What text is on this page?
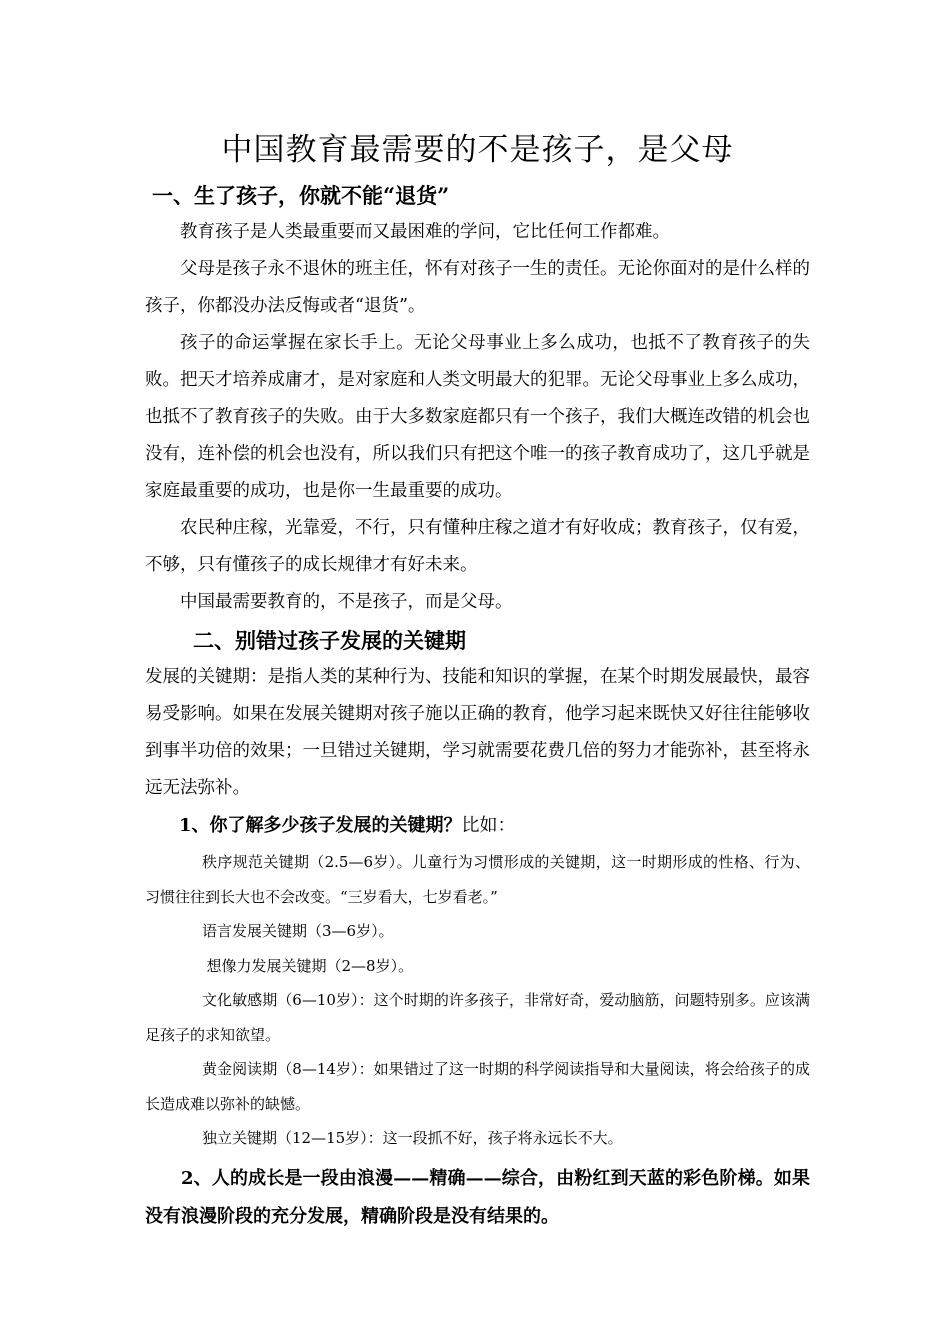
中国教育最需要的不是孩子，是父母
一、生了孩子，你就不能“退货”

教育孩子是人类最重要而又最困难的学问，它比任何工作都难。

父母是孩子永不退休的班主任，怀有对孩子一生的责任。无论你面对的是什么样的孩子，你都没办法反悔或者“退货”。

孩子的命运掌握在家长手上。无论父母事业上多么成功，也抵不了教育孩子的失败。把天才培养成庸才，是对家庭和人类文明最大的犯罪。无论父母事业上多么成功，也抵不了教育孩子的失败。由于大多数家庭都只有一个孩子，我们大概连改错的机会也没有，连补偿的机会也没有，所以我们只有把这个唯一的孩子教育成功了，这几乎就是家庭最重要的成功，也是你一生最重要的成功。

农民种庄稼，光靠爱，不行，只有懂种庄稼之道才有好收成；教育孩子，仅有爱，不够，只有懂孩子的成长规律才有好未来。

中国最需要教育的，不是孩子，而是父母。

二、别错过孩子发展的关键期

发展的关键期：是指人类的某种行为、技能和知识的掌握，在某个时期发展最快，最容易受影响。如果在发展关键期对孩子施以正确的教育，他学习起来既快又好往往能够收到事半功倍的效果；一旦错过关键期，学习就需要花费几倍的努力才能弥补，甚至将永远无法弥补。

1、你了解多少孩子发展的关键期？比如：

秩序规范关键期（2.5—6岁）。儿童行为习惯形成的关键期，这一时期形成的性格、行为、习惯往往到长大也不会改变。“三岁看大，七岁看老。”

语言发展关键期（3—6岁）。

想像力发展关键期（2—8岁）。

文化敏感期（6—10岁）：这个时期的许多孩子，非常好奇，爱动脑筋，问题特别多。应该满足孩子的求知欲望。

黄金阅读期（8—14岁）：如果错过了这一时期的科学阅读指导和大量阅读，将会给孩子的成长造成难以弥补的缺憾。

独立关键期（12—15岁）：这一段抓不好，孩子将永远长不大。

2、人的成长是一段由浪漫——精确——综合，由粉红到天蓝的彩色阶梯。如果没有浪漫阶段的充分发展，精确阶段是没有结果的。
